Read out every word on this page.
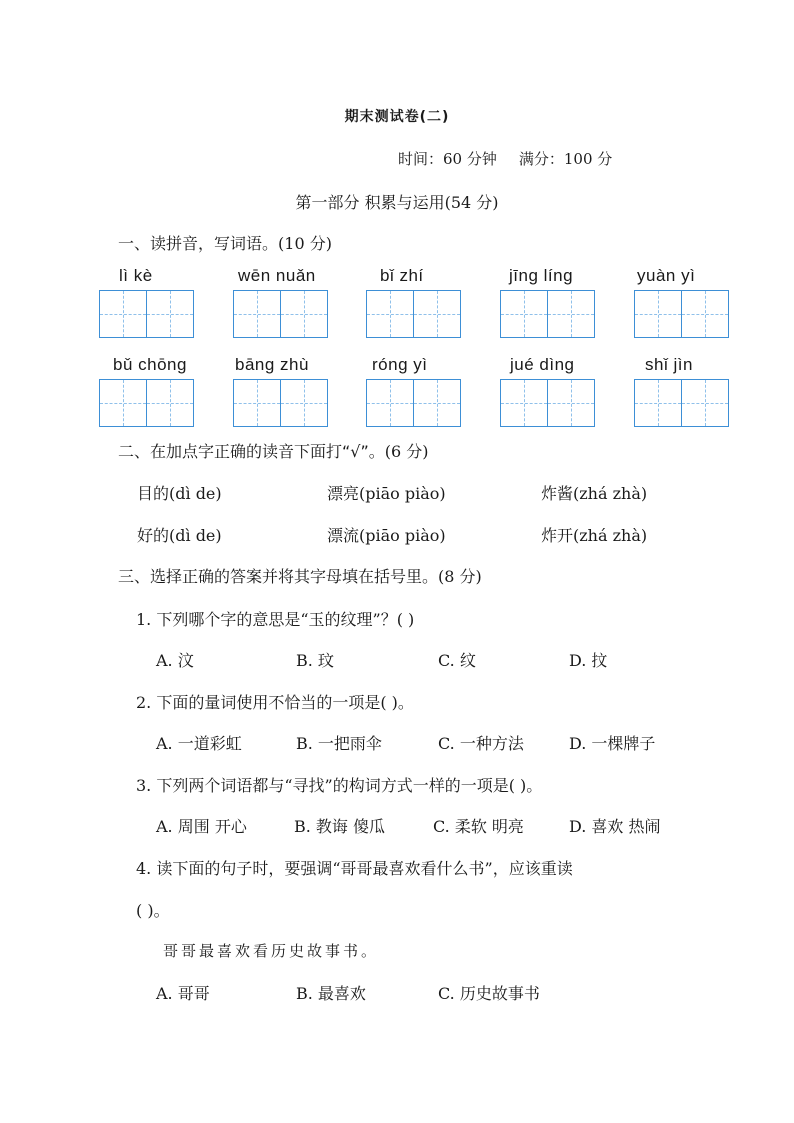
期末测试卷(二)
时间：60 分钟 满分：100 分
第一部分 积累与运用(54 分)
一、读拼音，写词语。(10 分)
lì kè	wēn nuǎn	bǐ zhí	jīng líng	yuàn yì
bǔ chōng	bāng zhù	róng yì	jué dìng	shǐ jìn
二、在加点字正确的读音下面打“√”。(6 分)
目的(dì de)	漂亮(piāo piào)	炸酱(zhá zhà)
好的(dì de)	漂流(piāo piào)	炸开(zhá zhà)
三、选择正确的答案并将其字母填在括号里。(8 分)
1. 下列哪个字的意思是“玉的纹理”？( )
A. 汶	B. 玟	C. 纹	D. 抆
2. 下面的量词使用不恰当的一项是( )。
A. 一道彩虹	B. 一把雨伞	C. 一种方法	D. 一棵牌子
3. 下列两个词语都与“寻找”的构词方式一样的一项是( )。
A. 周围 开心	B. 教诲 傻瓜	C. 柔软 明亮	D. 喜欢 热闹
4. 读下面的句子时，要强调“哥哥最喜欢看什么书”，应该重读
( )。
哥哥最喜欢看历史故事书。
A. 哥哥	B. 最喜欢	C. 历史故事书
